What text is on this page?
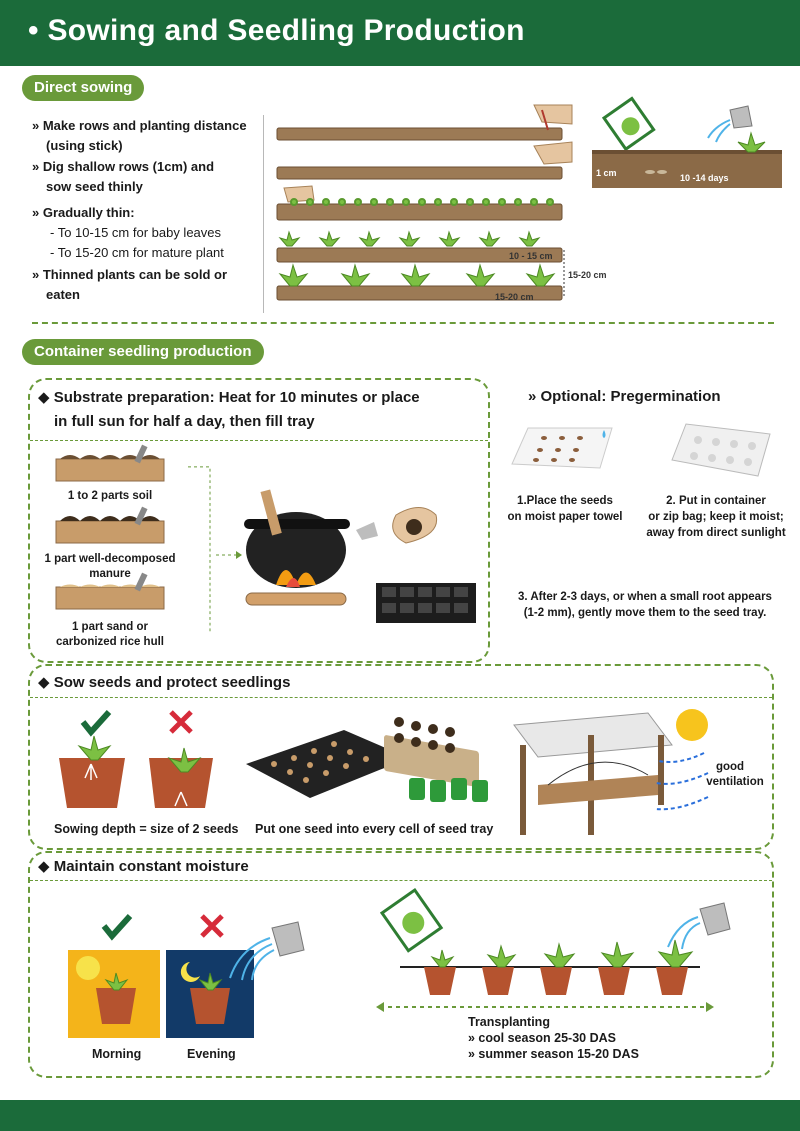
• Sowing and Seedling Production
Direct sowing
» Make rows and planting distance
(using stick)
» Dig shallow rows (1cm) and
sow seed thinly
» Gradually thin:
- To 10-15 cm for baby leaves
- To 15-20 cm for mature plant
» Thinned plants can be sold or
eaten
10 - 15 cm
15-20 cm
15-20 cm
1 cm	10 -14 days
Container seedling production
◆ Substrate preparation: Heat for 10 minutes or place
in full sun for half a day, then fill tray
1 to 2 parts soil
1 part well-decomposed
manure
1 part sand or
carbonized rice hull
» Optional: Pregermination
1.Place the seeds
on moist paper towel
2. Put in container
or zip bag; keep it moist;
away from direct sunlight
3. After 2-3 days, or when a small root appears
(1-2 mm), gently move them to the seed tray.
◆ Sow seeds and protect seedlings
Sowing depth = size of 2 seeds Put one seed into every cell of seed tray
good
ventilation
◆ Maintain constant moisture
Morning	Evening
Transplanting
» cool season 25-30 DAS
» summer season 15-20 DAS
